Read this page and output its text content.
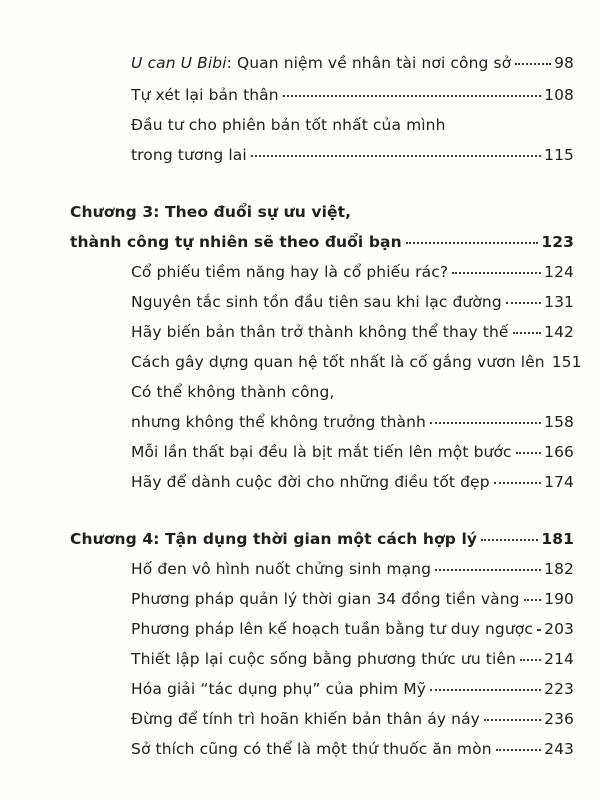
U can U Bibi : Quan niệm về nhân tài nơi công sở	98
Tự xét lại bản thân	108
Đầu tư cho phiên bản tốt nhất của mình
trong tương lai	115
Chương 3: Theo đuổi sự ưu việt,
thành công tự nhiên sẽ theo đuổi bạn	123
Cổ phiếu tiềm năng hay là cổ phiếu rác?	124
Nguyên tắc sinh tồn đầu tiên sau khi lạc đường	131
Hãy biến bản thân trở thành không thể thay thế 142
Cách gây dựng quan hệ tốt nhất là cố gắng vươn lên 151
Có thể không thành công,
nhưng không thể không trưởng thành	158
Mỗi lần thất bại đều là bịt mắt tiến lên một bước 166
Hãy để dành cuộc đời cho những điều tốt đẹp	174
Chương 4: Tận dụng thời gian một cách hợp lý	181
Hố đen vô hình nuốt chửng sinh mạng	182
Phương pháp quản lý thời gian 34 đồng tiền vàng 190
Phương pháp lên kế hoạch tuần bằng tư duy ngược 203
Thiết lập lại cuộc sống bằng phương thức ưu tiên 214
Hóa giải “tác dụng phụ” của phim Mỹ	223
Đừng để tính trì hoãn khiến bản thân áy náy	236
Sở thích cũng có thể là một thứ thuốc ăn mòn	243
